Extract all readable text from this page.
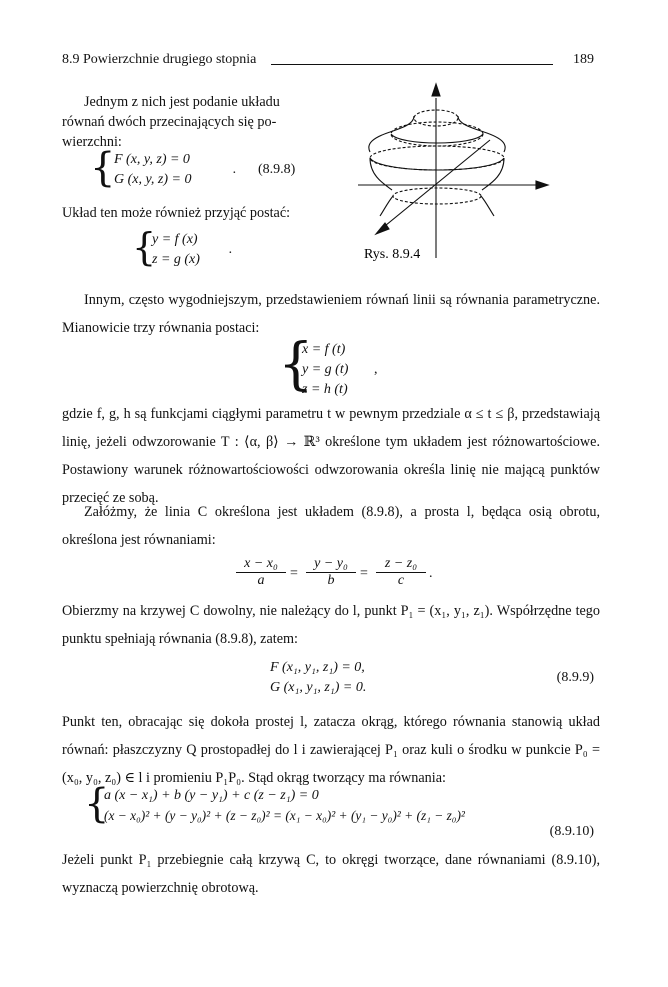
8.9 Powierzchnie drugiego stopnia	189
Jednym z nich jest podanie układu
równań dwóch przecinających się po-
wierzchni:
{
F (x, y, z) = 0
G (x, y, z) = 0	· (8.9.8)
Układ ten może również przyjąć postać:
{
y = f (x)
z = g (x) ·	Rys. 8.9.4

Innym, często wygodniejszym, przedstawieniem równań linii są równania parametryczne. Mianowicie trzy równania postaci:

{
x = f (t)
y = g (t)
z = h (t)
,

gdzie f, g, h są funkcjami ciągłymi parametru t w pewnym przedziale α ≤ t ≤ β, przedstawiają linię, jeżeli odwzorowanie T : ⟨α, β⟩ → ℝ³ określone tym układem jest różnowartościowe. Postawiony warunek różnowartościowości odwzorowania określa linię nie mającą punktów przecięć ze sobą.

Załóżmy, że linia C określona jest układem (8.9.8), a prosta l, będąca osią obrotu, określona jest równaniami:

$\frac{\text{x − x₀}}{a} = \frac{\text{y − y₀}}{b} = \frac{\text{z − z₀}}{c}$ .

Obierzmy na krzywej C dowolny, nie należący do l, punkt P₁ = (x₁, y₁, z₁). Współrzędne tego punktu spełniają równania (8.9.8), zatem:

F (x₁, y₁, z₁) = 0,
G (x₁, y₁, z₁) = 0.
(8.9.9)

Punkt ten, obracając się dokoła prostej l, zatacza okrąg, którego równania stanowią układ równań: płaszczyzny Q prostopadłej do l i zawierającej P₁ oraz kuli o środku w punkcie P₀ = (x₀, y₀, z₀) ∈ l i promieniu P₁P₀. Stąd okrąg tworzący ma równania:

{
a (x − x₁) + b (y − y₁) + c (z − z₁) = 0
(x − x₀)² + (y − y₀)² + (z − z₀)² = (x₁ − x₀)² + (y₁ − y₀)² + (z₁ − z₀)²
(8.9.10)

Jeżeli punkt P₁ przebiegnie całą krzywą C, to okręgi tworzące, dane równaniami (8.9.10), wyznaczą powierzchnię obrotową.
